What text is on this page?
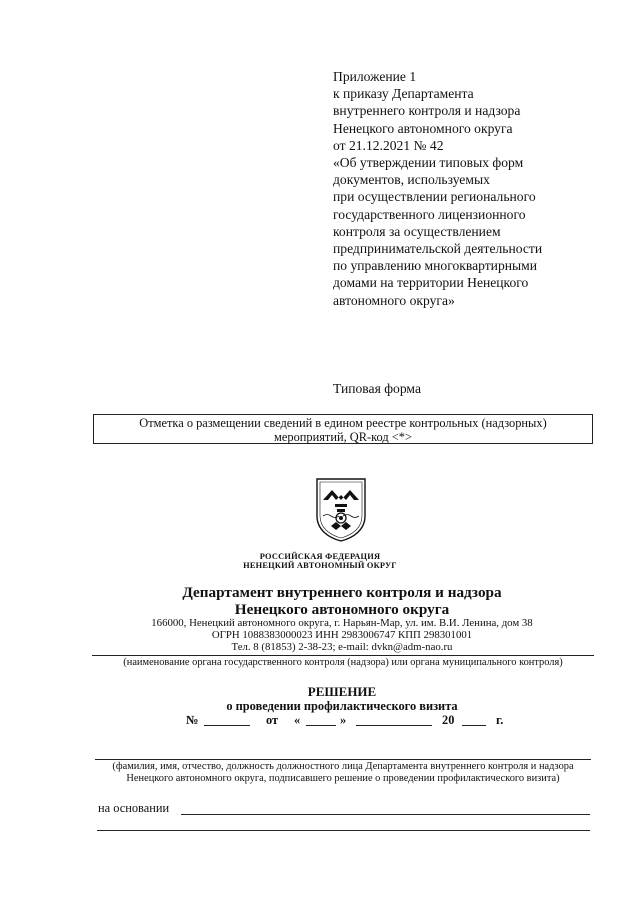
Приложение 1
к приказу Департамента
внутреннего контроля и надзора
Ненецкого автономного округа
от 21.12.2021 № 42
«Об утверждении типовых форм
документов, используемых
при осуществлении регионального
государственного лицензионного
контроля за осуществлением
предпринимательской деятельности
по управлению многоквартирными
домами на территории Ненецкого
автономного округа»
Типовая форма
Отметка о размещении сведений в едином реестре контрольных (надзорных)
мероприятий, QR-код <*>
РОССИЙСКАЯ ФЕДЕРАЦИЯ
НЕНЕЦКИЙ АВТОНОМНЫЙ ОКРУГ
Департамент внутреннего контроля и надзора
Ненецкого автономного округа
166000, Ненецкий автономного округа, г. Нарьян-Мар, ул. им. В.И. Ленина, дом 38
ОГРН 1088383000023 ИНН 2983006747 КПП 298301001
Тел. 8 (81853) 2-38-23; e-mail: dvkn@adm-nao.ru
(наименование органа государственного контроля (надзора) или органа муниципального контроля)
РЕШЕНИЕ
о проведении профилактического визита
№	от «	»	20	г.
(фамилия, имя, отчество, должность должностного лица Департамента внутреннего контроля и надзора
Ненецкого автономного округа, подписавшего решение о проведении профилактического визита)
на основании
